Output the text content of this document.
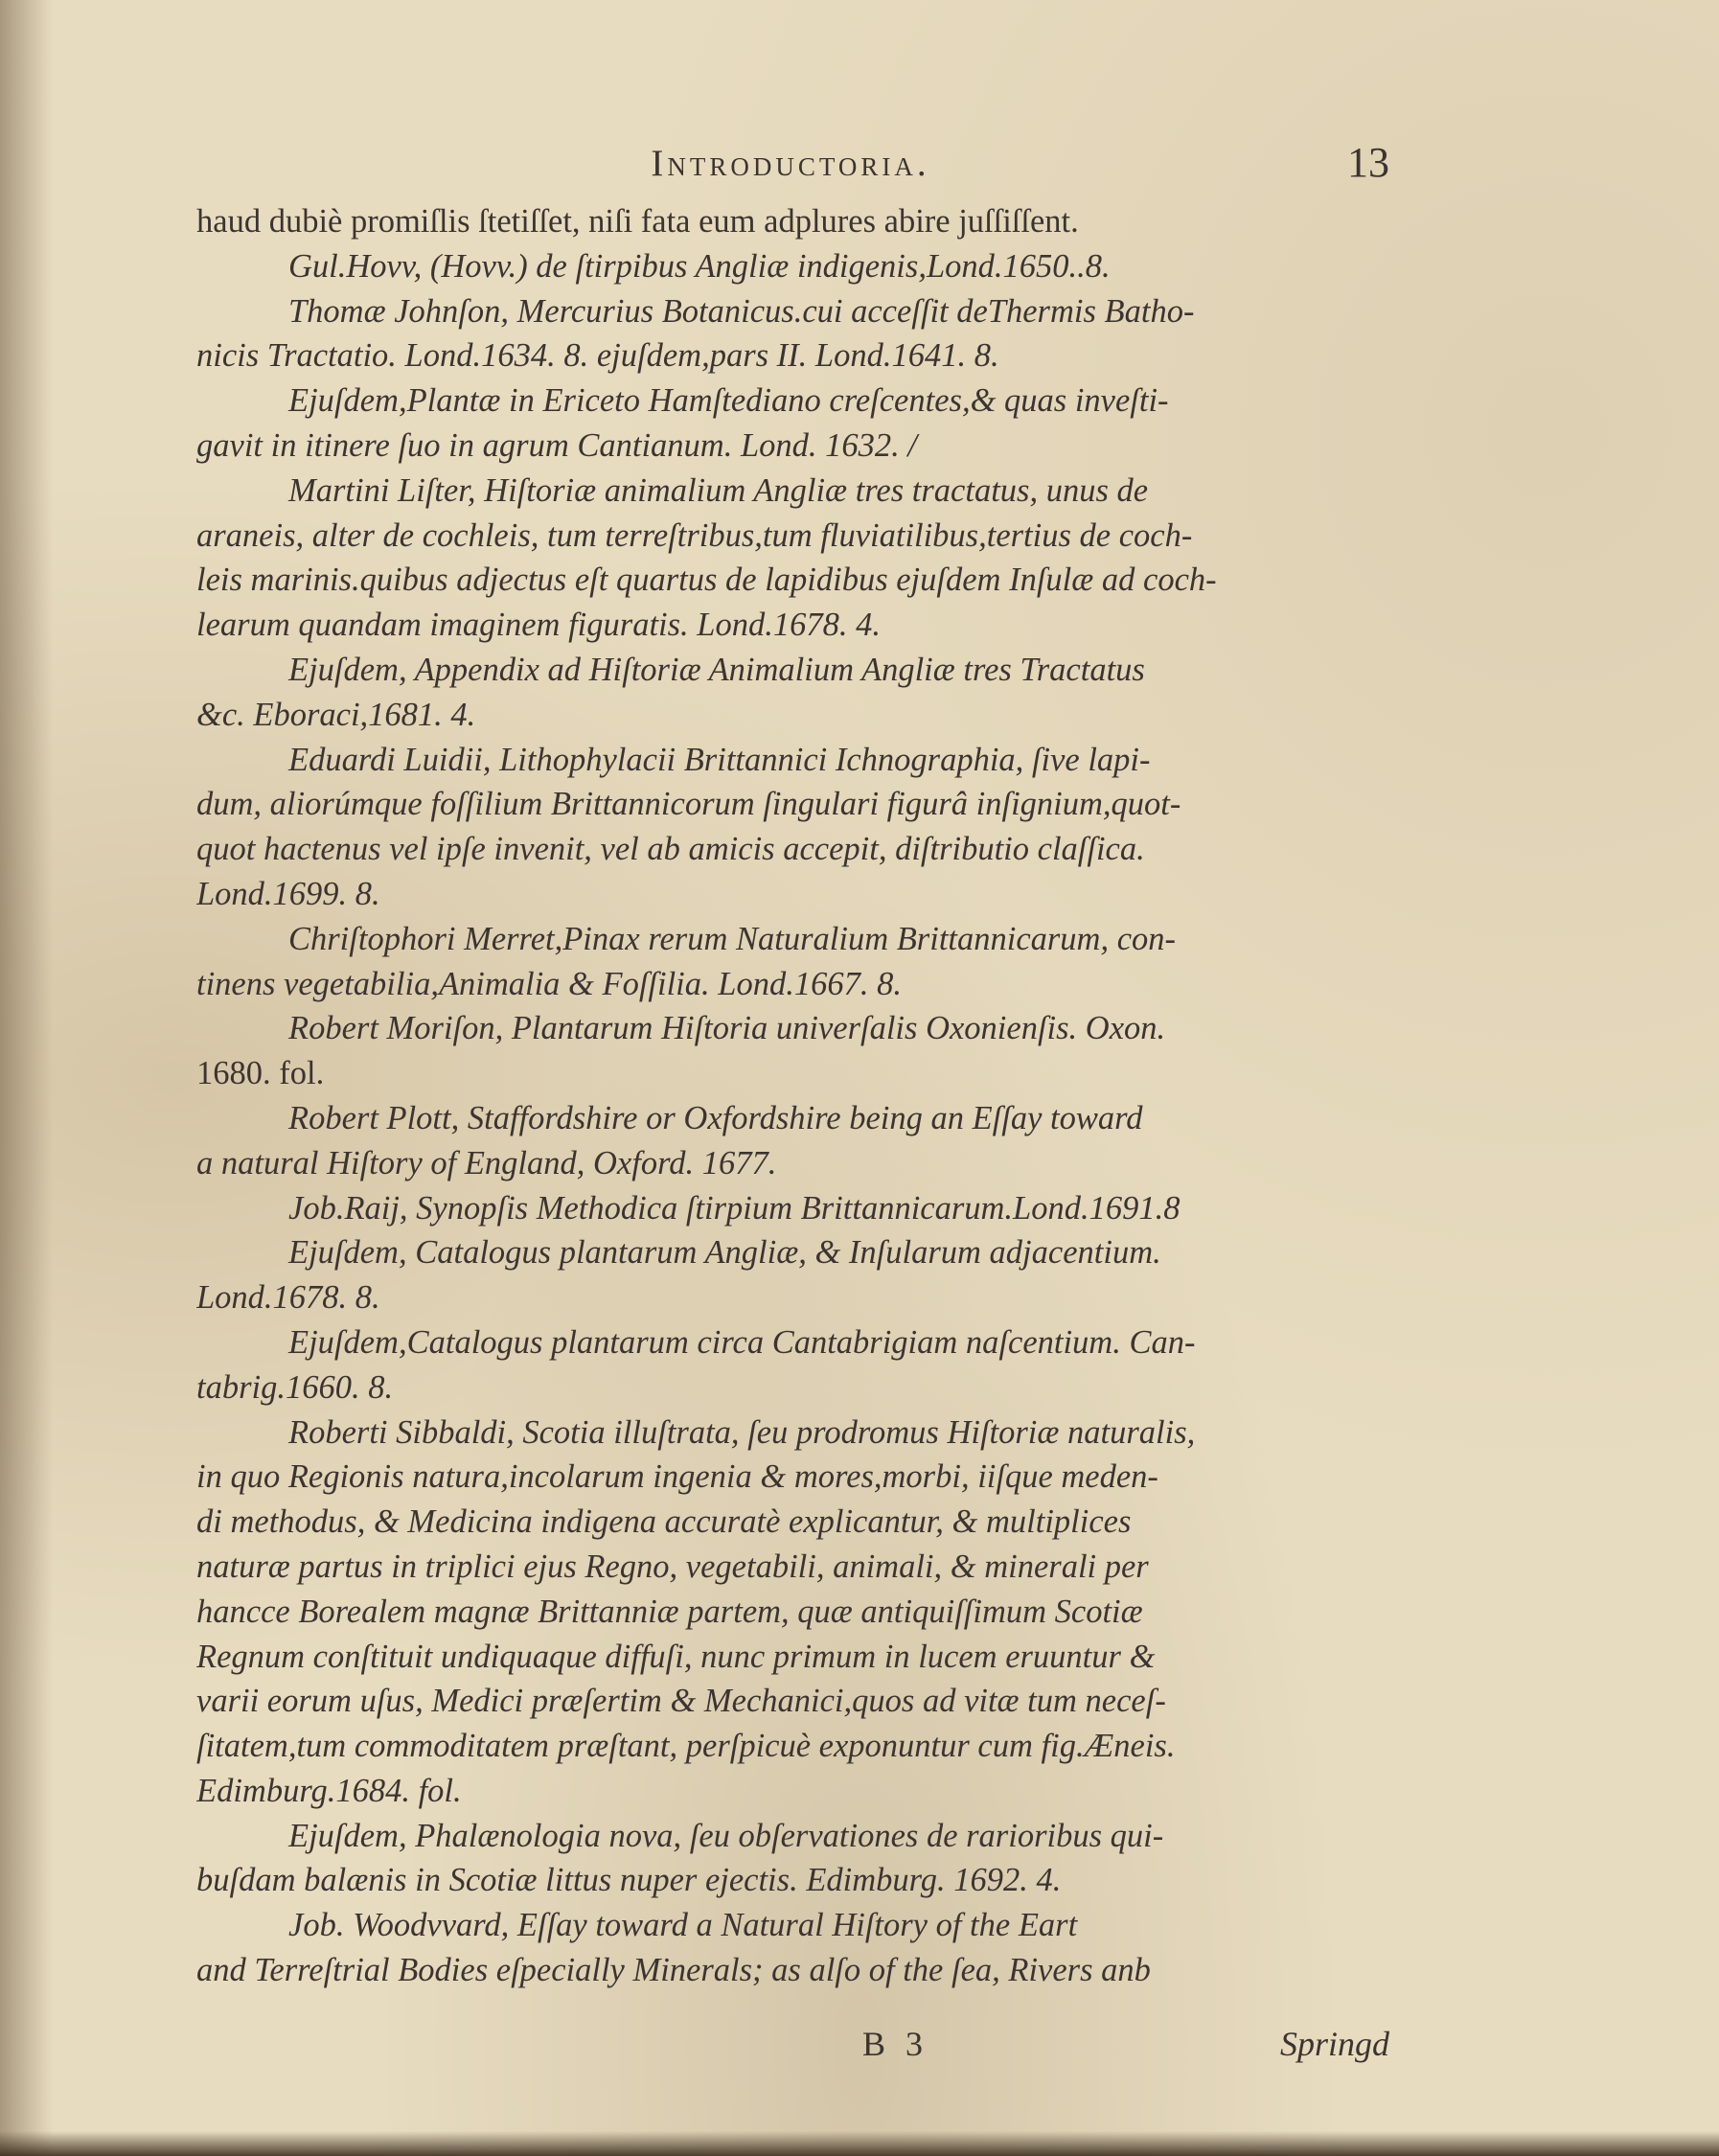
Introductoria.	13
haud dubiè promiſlis ſtetiſſet, niſi fata eum adplures abire juſſiſſent.
Gul.Hovv, (Hovv.) de ſtirpibus Angliæ indigenis,Lond.1650..8.
Thomæ Johnſon, Mercurius Botanicus.cui acceſſit deThermis Batho-
nicis Tractatio. Lond.1634. 8. ejuſdem,pars II. Lond.1641. 8.
Ejuſdem,Plantæ in Ericeto Hamſtediano creſcentes,& quas inveſti-
gavit in itinere ſuo in agrum Cantianum. Lond. 1632. /
Martini Liſter, Hiſtoriæ animalium Angliæ tres tractatus, unus de
araneis, alter de cochleis, tum terreſtribus,tum fluviatilibus,tertius de coch-
leis marinis.quibus adjectus eſt quartus de lapidibus ejuſdem Inſulæ ad coch-
learum quandam imaginem figuratis. Lond.1678. 4.
Ejuſdem, Appendix ad Hiſtoriæ Animalium Angliæ tres Tractatus
&c. Eboraci,1681. 4.
Eduardi Luidii, Lithophylacii Brittannici Ichnographia, ſive lapi-
dum, aliorúmque foſſilium Brittannicorum ſingulari figurâ inſignium,quot-
quot hactenus vel ipſe invenit, vel ab amicis accepit, diſtributio claſſica.
Lond.1699. 8.
Chriſtophori Merret,Pinax rerum Naturalium Brittannicarum, con-
tinens vegetabilia,Animalia & Foſſilia. Lond.1667. 8.
Robert Moriſon, Plantarum Hiſtoria univerſalis Oxonienſis. Oxon.
1680. fol.
Robert Plott, Staffordshire or Oxfordshire being an Eſſay toward
a natural Hiſtory of England, Oxford. 1677.
Job.Raij, Synopſis Methodica ſtirpium Brittannicarum.Lond.1691.8
Ejuſdem, Catalogus plantarum Angliæ, & Inſularum adjacentium.
Lond.1678. 8.
Ejuſdem,Catalogus plantarum circa Cantabrigiam naſcentium. Can-
tabrig.1660. 8.
Roberti Sibbaldi, Scotia illuſtrata, ſeu prodromus Hiſtoriæ naturalis,
in quo Regionis natura,incolarum ingenia & mores,morbi, iiſque meden-
di methodus, & Medicina indigena accuratè explicantur, & multiplices
naturæ partus in triplici ejus Regno, vegetabili, animali, & minerali per
hancce Borealem magnæ Brittanniæ partem, quæ antiquiſſimum Scotiæ
Regnum conſtituit undiquaque diffuſi, nunc primum in lucem eruuntur &
varii eorum uſus, Medici præſertim & Mechanici,quos ad vitæ tum neceſ-
ſitatem,tum commoditatem præſtant, perſpicuè exponuntur cum fig.Æneis.
Edimburg.1684. fol.
Ejuſdem, Phalænologia nova, ſeu obſervationes de rarioribus qui-
buſdam balænis in Scotiæ littus nuper ejectis. Edimburg. 1692. 4.
Job. Woodvvard, Eſſay toward a Natural Hiſtory of the Eart
and Terreſtrial Bodies eſpecially Minerals; as alſo of the ſea, Rivers anb
B 3	Springd
